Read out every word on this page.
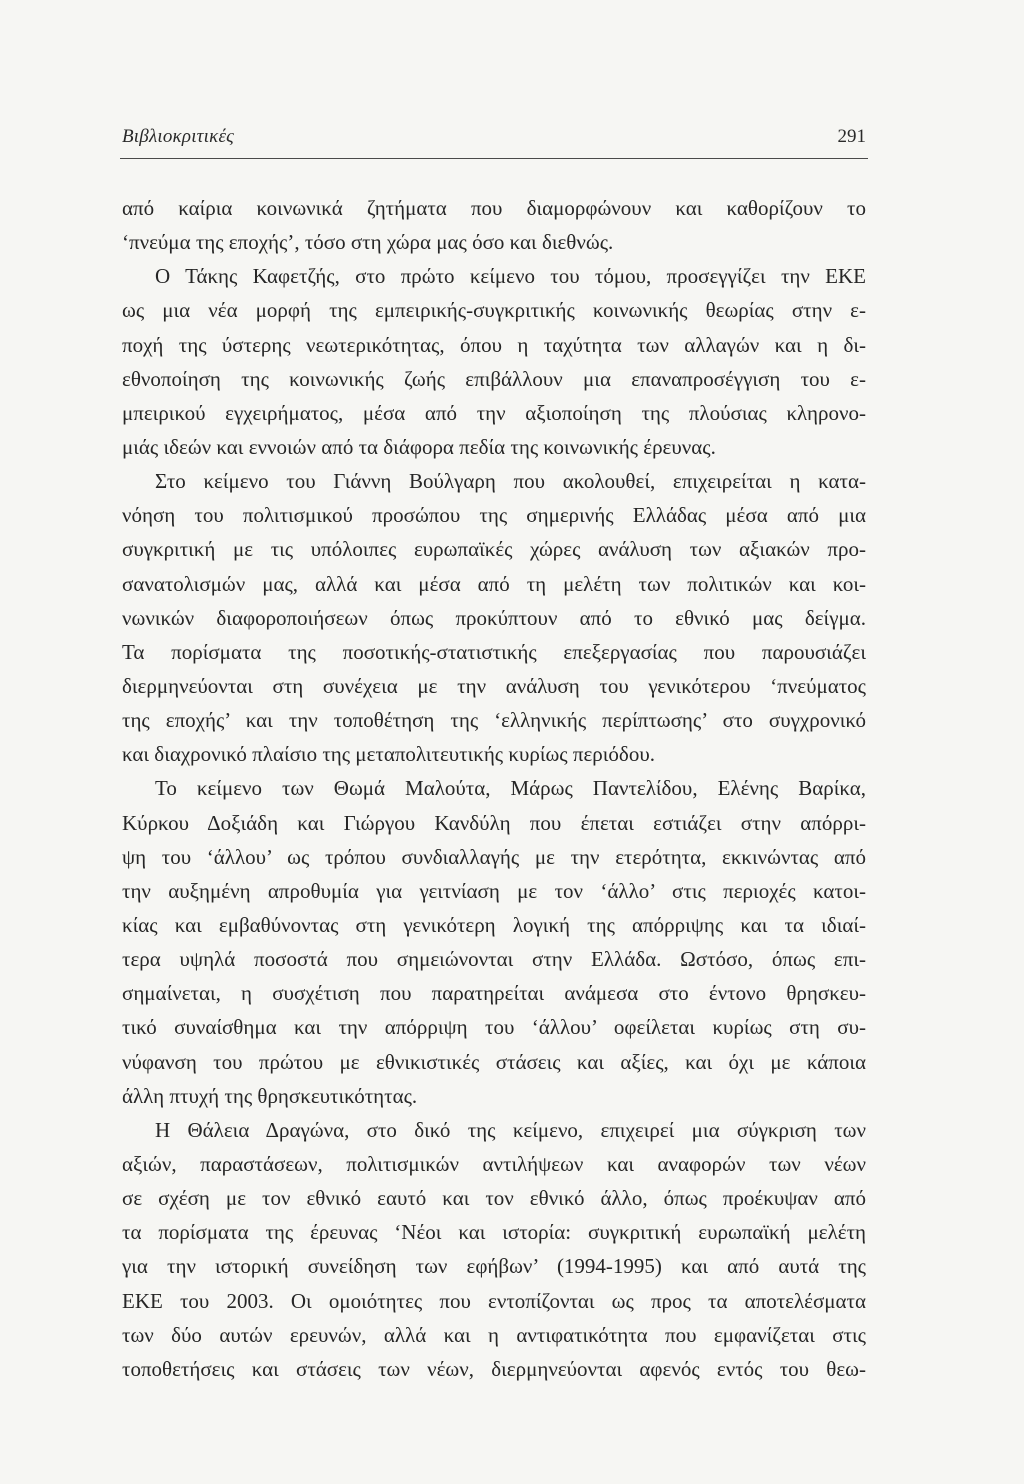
Βιβλιοκριτικές	291
από καίρια κοινωνικά ζητήματα που διαμορφώνουν και καθορίζουν το
‘πνεύμα της εποχής’, τόσο στη χώρα μας όσο και διεθνώς.
Ο Τάκης Καφετζής, στο πρώτο κείμενο του τόμου, προσεγγίζει την ΕΚΕ
ως μια νέα μορφή της εμπειρικής-συγκριτικής κοινωνικής θεωρίας στην ε-
ποχή της ύστερης νεωτερικότητας, όπου η ταχύτητα των αλλαγών και η δι-
εθνοποίηση της κοινωνικής ζωής επιβάλλουν μια επαναπροσέγγιση του ε-
μπειρικού εγχειρήματος, μέσα από την αξιοποίηση της πλούσιας κληρονο-
μιάς ιδεών και εννοιών από τα διάφορα πεδία της κοινωνικής έρευνας.
Στο κείμενο του Γιάννη Βούλγαρη που ακολουθεί, επιχειρείται η κατα-
νόηση του πολιτισμικού προσώπου της σημερινής Ελλάδας μέσα από μια
συγκριτική με τις υπόλοιπες ευρωπαϊκές χώρες ανάλυση των αξιακών προ-
σανατολισμών μας, αλλά και μέσα από τη μελέτη των πολιτικών και κοι-
νωνικών διαφοροποιήσεων όπως προκύπτουν από το εθνικό μας δείγμα.
Τα πορίσματα της ποσοτικής-στατιστικής επεξεργασίας που παρουσιάζει
διερμηνεύονται στη συνέχεια με την ανάλυση του γενικότερου ‘πνεύματος
της εποχής’ και την τοποθέτηση της ‘ελληνικής περίπτωσης’ στο συγχρονικό
και διαχρονικό πλαίσιο της μεταπολιτευτικής κυρίως περιόδου.
Το κείμενο των Θωμά Μαλούτα, Μάρως Παντελίδου, Ελένης Βαρίκα,
Κύρκου Δοξιάδη και Γιώργου Κανδύλη που έπεται εστιάζει στην απόρρι-
ψη του ‘άλλου’ ως τρόπου συνδιαλλαγής με την ετερότητα, εκκινώντας από
την αυξημένη απροθυμία για γειτνίαση με τον ‘άλλο’ στις περιοχές κατοι-
κίας και εμβαθύνοντας στη γενικότερη λογική της απόρριψης και τα ιδιαί-
τερα υψηλά ποσοστά που σημειώνονται στην Ελλάδα. Ωστόσο, όπως επι-
σημαίνεται, η συσχέτιση που παρατηρείται ανάμεσα στο έντονο θρησκευ-
τικό συναίσθημα και την απόρριψη του ‘άλλου’ οφείλεται κυρίως στη συ-
νύφανση του πρώτου με εθνικιστικές στάσεις και αξίες, και όχι με κάποια
άλλη πτυχή της θρησκευτικότητας.
Η Θάλεια Δραγώνα, στο δικό της κείμενο, επιχειρεί μια σύγκριση των
αξιών, παραστάσεων, πολιτισμικών αντιλήψεων και αναφορών των νέων
σε σχέση με τον εθνικό εαυτό και τον εθνικό άλλο, όπως προέκυψαν από
τα πορίσματα της έρευνας ‘Νέοι και ιστορία: συγκριτική ευρωπαϊκή μελέτη
για την ιστορική συνείδηση των εφήβων’ (1994-1995) και από αυτά της
ΕΚΕ του 2003. Οι ομοιότητες που εντοπίζονται ως προς τα αποτελέσματα
των δύο αυτών ερευνών, αλλά και η αντιφατικότητα που εμφανίζεται στις
τοποθετήσεις και στάσεις των νέων, διερμηνεύονται αφενός εντός του θεω-
